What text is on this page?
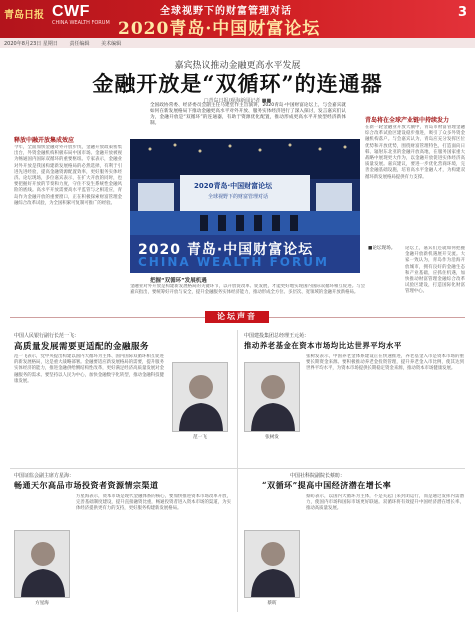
青岛日报 CWF
CHINA WEALTH FORUM
全球视野下的财富管理对话
2020青岛·中国财富论坛
3
2020年8月23日 星期日 责任编辑 美术编辑
嘉宾热议推动金融更高水平发展
金融开放是“双循环”的连通器
□青岛日报/观海新闻记者 ■■
全国政协常委、经济委员会副主任马建堂作主旨演讲，2020青岛·中国财富论坛上，与会嘉宾就如何在新发展格局下推动金融更高水平对外开放、服务实体经济进行了深入探讨，发言嘉宾们认为，金融开放是“双循环”的连通器，有助于资源优化配置，推动形成更高水平开放型经济新体制。
释放中融开放集成效应
今年，全面加快金融对外开放步伐，金融开放政策密集出台，外资金融机构积极布局中国市场。金融开放被视为畅通国内国际双循环的重要枢纽。专家表示，金融业对外开放是我国构建新发展格局的必然选择，有利于引进先进经验，提高金融资源配置效率，更好服务实体经济。论坛现场，多位嘉宾表示，在扩大开放的同时，也要把握好开放的节奏和力度，守住不发生系统性金融风险的底线。高水平开放需要高水平监管与之相适应，青岛作为金融开放的重要窗口，正在积极探索财富管理金融综合改革试验，为全国积累可复制可推广的经验。
青岛将在全球产业链中持续发力
在新一轮金融业开放大潮中，青岛市财富管理金融综合改革试验区建设稳步推进，吸引了众多外资金融机构落户。与会嘉宾认为，青岛应充分发挥区位优势和开放优势，围绕财富管理特色，打造面向日韩、辐射东北亚的金融开放高地，在服务国家重大战略中展现更大作为，以金融开放促进实体经济高质量发展。嘉宾建议，要进一步优化营商环境，完善金融基础设施，培育高水平金融人才，为构建双循环新发展格局提供有力支撑。
论坛上，嘉宾们还就如何把握金融开放新机遇展开交流。大家一致认为，青岛作为沿海开放城市，拥有良好的金融生态和产业基础，应抓住机遇，加快推动财富管理金融综合改革试验区建设，打造国际化财富管理中心。
2020青岛·中国财富论坛
全球视野下的财富管理对话
2020 青岛·中国财富论坛
CHINA WEALTH FORUM
■论坛现场。
把握“双循环”发展机遇
金融业对外开放是构建新发展格局的关键环节，以开放促改革、促发展，才能更好地实现国内国际双循环相互促进。与会嘉宾指出，要统筹好开放与安全，提升金融服务实体经济能力，推动形成全方位、多层次、宽领域的金融开放新格局。
论坛声音
中国人民银行副行长范一飞：
高质量发展需要更适配的金融服务
范一飞表示，党中央提出构建以国内大循环为主体、国内国际双循环相互促进的新发展格局，这是重大战略部署。金融要适应新发展格局的需要，提升服务实体经济的能力，推进金融供给侧结构性改革，更好满足经济高质量发展对金融服务的需求。要坚持以人民为中心，加快金融数字化转型，推动金融科技健康发展。
范一飞
中国建投集团总经理王元苑：
推动养老基金在资本市场均比达世界平均水平
张树发
张树发表示，中国养老金体系建设正在快速推进，养老基金入市是资本市场的重要长期资金来源。要积极推动养老金投资管理，提升养老金入市比例，使其达到世界平均水平，为资本市场提供长期稳定资金来源，推动资本市场健康发展。
中国证监会副主席方星海：
畅通天尔高品市场投资者资源情宗渠道
方星海
方星海表示，资本市场是现代金融体系的核心，要加快推进资本市场改革开放，完善基础制度建设，提升直接融资比重，畅通投资者进入资本市场的渠道，为实体经济提供更有力的支持，更好服务构建新发展格局。
中国社科院副院长蔡昉：
“双循环”提高中国经济潜在增长率
蔡昉
蔡昉表示，以国内大循环为主体，不是关起门来封闭运行，而是通过发挥内需潜力，使国内市场和国际市场更好联通。双循环将有效提升中国经济潜在增长率，推动高质量发展。
